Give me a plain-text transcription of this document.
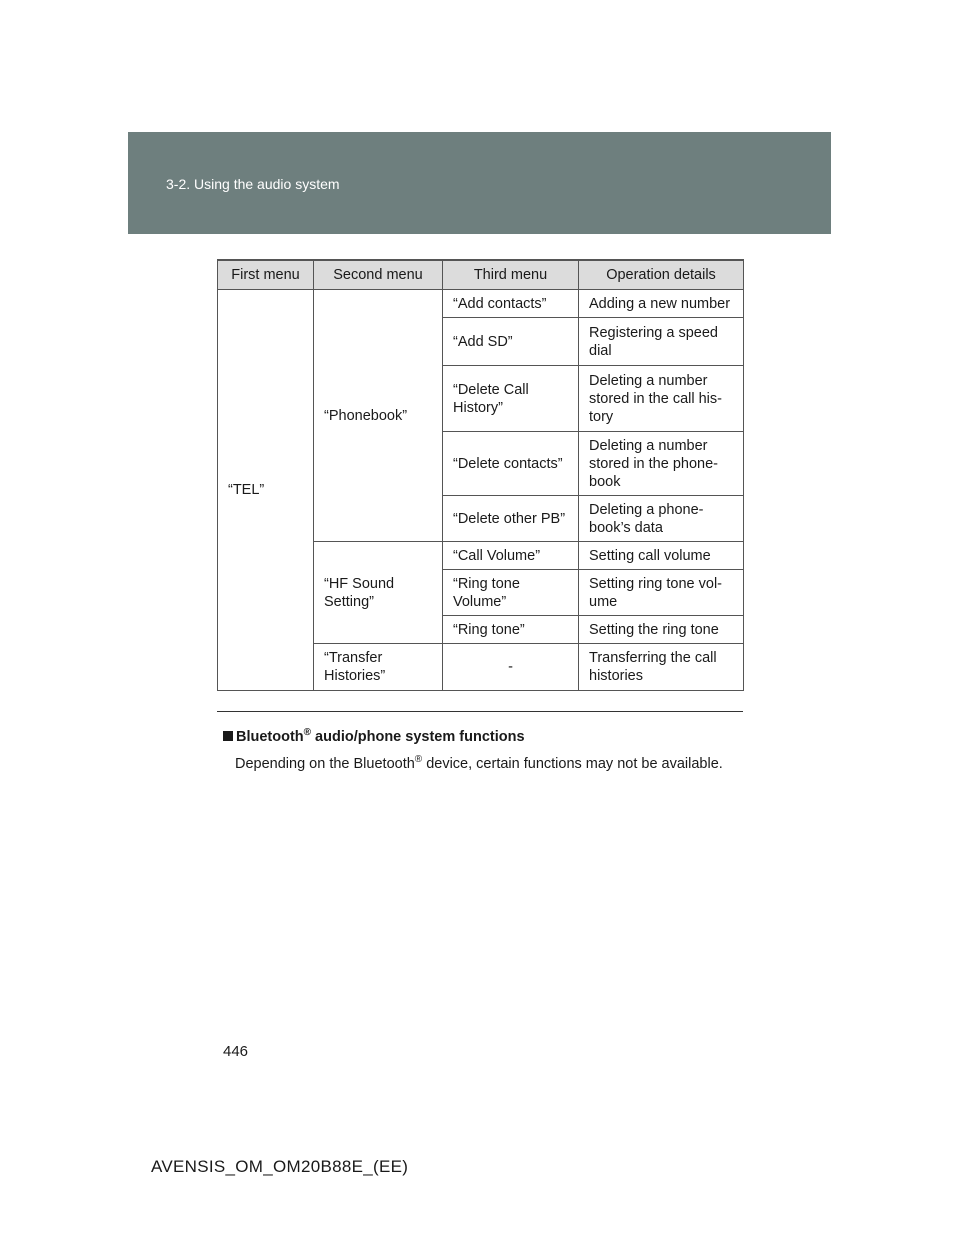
3-2. Using the audio system
First menu	Second menu	Third menu	Operation details
“TEL”	“Phonebook”	“Add contacts”	Adding a new number
		“Add SD”	Registering a speed dial
		“Delete Call History”	Deleting a number stored in the call his-tory
		“Delete contacts”	Deleting a number stored in the phone-book
		“Delete other PB”	Deleting a phone-book’s data
	“HF Sound Setting”	“Call Volume”	Setting call volume
		“Ring tone Volume”	Setting ring tone vol-ume
		“Ring tone”	Setting the ring tone
	“Transfer Histories”	-	Transferring the call histories
Bluetooth® audio/phone system functions
Depending on the Bluetooth® device, certain functions may not be available.
446
AVENSIS_OM_OM20B88E_(EE)
